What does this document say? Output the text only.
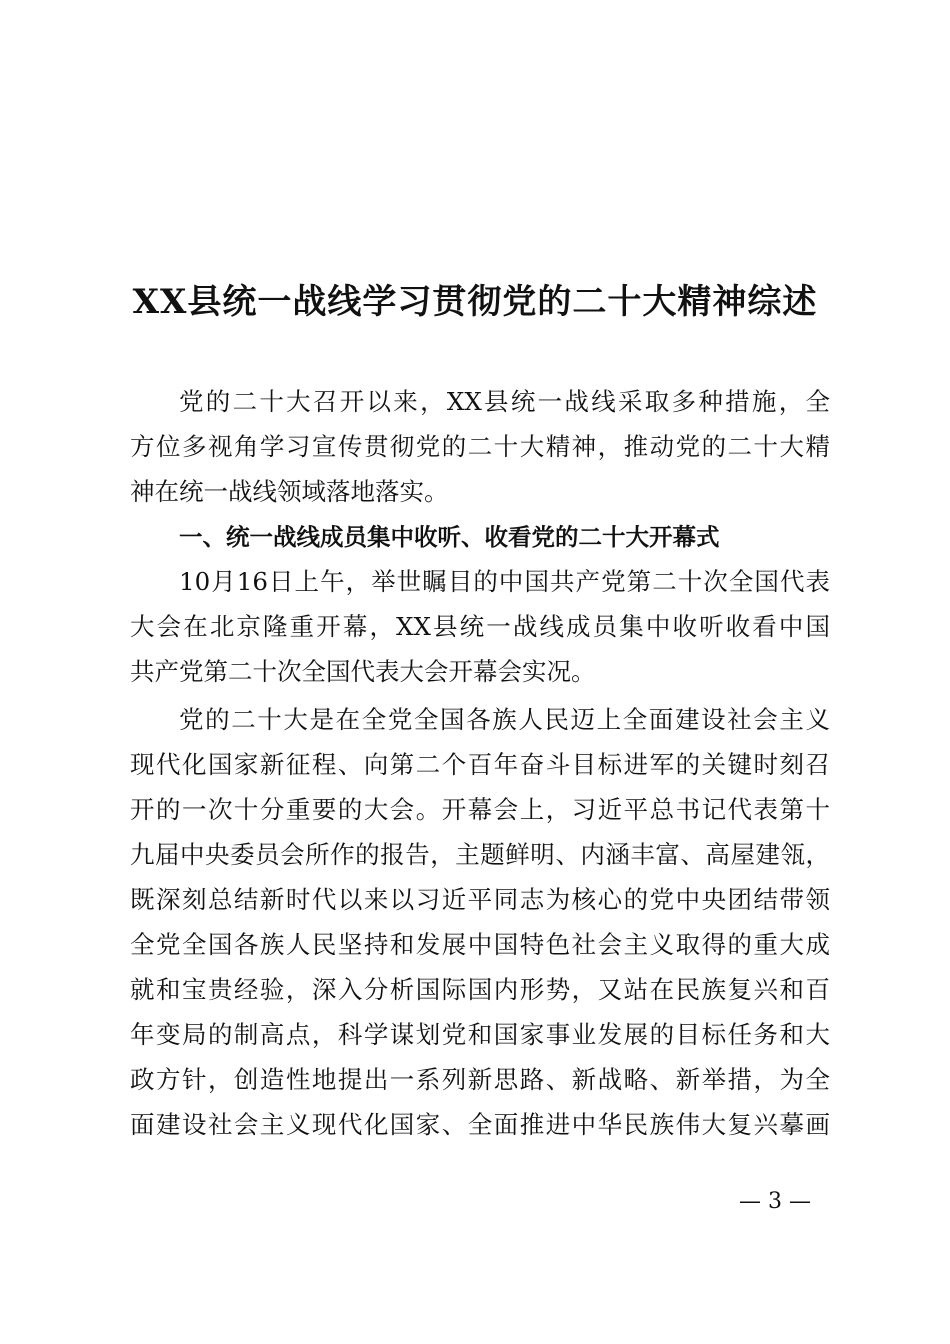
XX县统一战线学习贯彻党的二十大精神综述
党的二十大召开以来，XX县统一战线采取多种措施，全
方位多视角学习宣传贯彻党的二十大精神，推动党的二十大精
神在统一战线领域落地落实。
一、统一战线成员集中收听、收看党的二十大开幕式
10月16日上午，举世瞩目的中国共产党第二十次全国代表
大会在北京隆重开幕，XX县统一战线成员集中收听收看中国
共产党第二十次全国代表大会开幕会实况。
党的二十大是在全党全国各族人民迈上全面建设社会主义
现代化国家新征程、向第二个百年奋斗目标进军的关键时刻召
开的一次十分重要的大会。开幕会上，习近平总书记代表第十
九届中央委员会所作的报告，主题鲜明、内涵丰富、高屋建瓴，
既深刻总结新时代以来以习近平同志为核心的党中央团结带领
全党全国各族人民坚持和发展中国特色社会主义取得的重大成
就和宝贵经验，深入分析国际国内形势，又站在民族复兴和百
年变局的制高点，科学谋划党和国家事业发展的目标任务和大
政方针，创造性地提出一系列新思路、新战略、新举措，为全
面建设社会主义现代化国家、全面推进中华民族伟大复兴摹画
— 3 —
